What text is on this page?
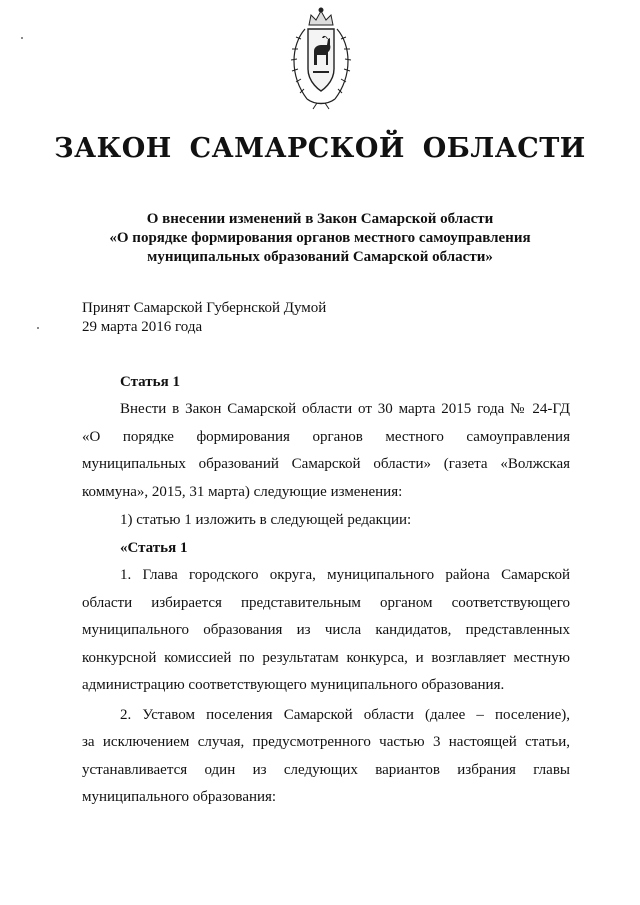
ЗАКОН САМАРСКОЙ ОБЛАСТИ
О внесении изменений в Закон Самарской области
«О порядке формирования органов местного самоуправления
муниципальных образований Самарской области»
Принят Самарской Губернской Думой
29 марта 2016 года
Статья 1
Внести в Закон Самарской области от 30 марта 2015 года № 24-ГД
«О порядке формирования органов местного самоуправления
муниципальных образований Самарской области» (газета «Волжская
коммуна», 2015, 31 марта) следующие изменения:
1) статью 1 изложить в следующей редакции:
«Статья 1
1. Глава городского округа, муниципального района Самарской
области избирается представительным органом соответствующего
муниципального образования из числа кандидатов, представленных
конкурсной комиссией по результатам конкурса, и возглавляет местную
администрацию соответствующего муниципального образования.
2. Уставом поселения Самарской области (далее – поселение),
за исключением случая, предусмотренного частью 3 настоящей статьи,
устанавливается один из следующих вариантов избрания главы
муниципального образования:
